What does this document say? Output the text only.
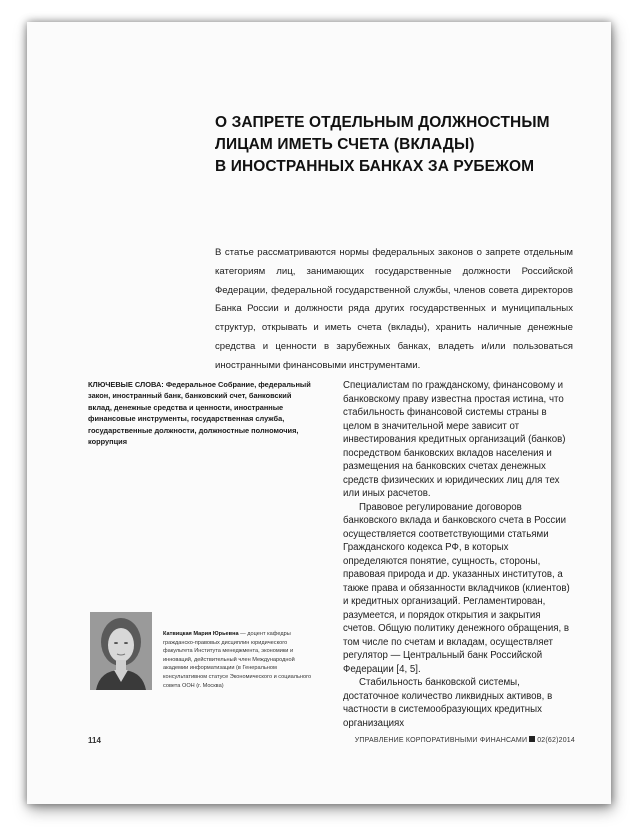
О ЗАПРЕТЕ ОТДЕЛЬНЫМ ДОЛЖНОСТНЫМ
ЛИЦАМ ИМЕТЬ СЧЕТА (ВКЛАДЫ)
В ИНОСТРАННЫХ БАНКАХ ЗА РУБЕЖОМ
В статье рассматриваются нормы федеральных законов о запрете отдельным категориям лиц, занимающих государственные должности Российской Федерации, федеральной государственной службы, членов совета директоров Банка России и должности ряда других государственных и муниципальных структур, открывать и иметь счета (вклады), хранить наличные денежные средства и ценности в зарубежных банках, владеть и/или пользоваться иностранными финансовыми инструментами.
КЛЮЧЕВЫЕ СЛОВА: Федеральное Собрание, федеральный закон, иностранный банк, банковский счет, банковский вклад, денежные средства и ценности, иностранные финансовые инструменты, государственная служба, государственные должности, должностные полномочия, коррупция

Специалистам по гражданскому, финансовому и банковскому праву известна простая истина, что стабильность финансовой системы страны в целом в значительной мере зависит от инвестирования кредитных организаций (банков) посредством банковских вкладов населения и размещения на банковских счетах денежных средств физических и юридических лиц для тех или иных расчетов.

Правовое регулирование договоров банковского вклада и банковского счета в России осуществляется соответствующими статьями Гражданского кодекса РФ, в которых определяются понятие, сущность, стороны, правовая природа и др. указанных институтов, а также права и обязанности вкладчиков (клиентов) и кредитных организаций. Регламентирован, разумеется, и порядок открытия и закрытия счетов. Общую политику денежного обращения, в том числе по счетам и вкладам, осуществляет регулятор — Центральный банк Российской Федерации [4, 5].

Стабильность банковской системы, достаточное количество ликвидных активов, в частности в системообразующих кредитных организациях

Катвицкая Мария Юрьевна — доцент кафедры гражданско-правовых дисциплин юридического факультета Института менеджмента, экономики и инноваций, действительный член Международной академии информатизации (в Генеральном консультативном статусе Экономического и социального совета ООН (г. Москва)
114	УПРАВЛЕНИЕ КОРПОРАТИВНЫМИ ФИНАНСАМИ 02(62)2014
